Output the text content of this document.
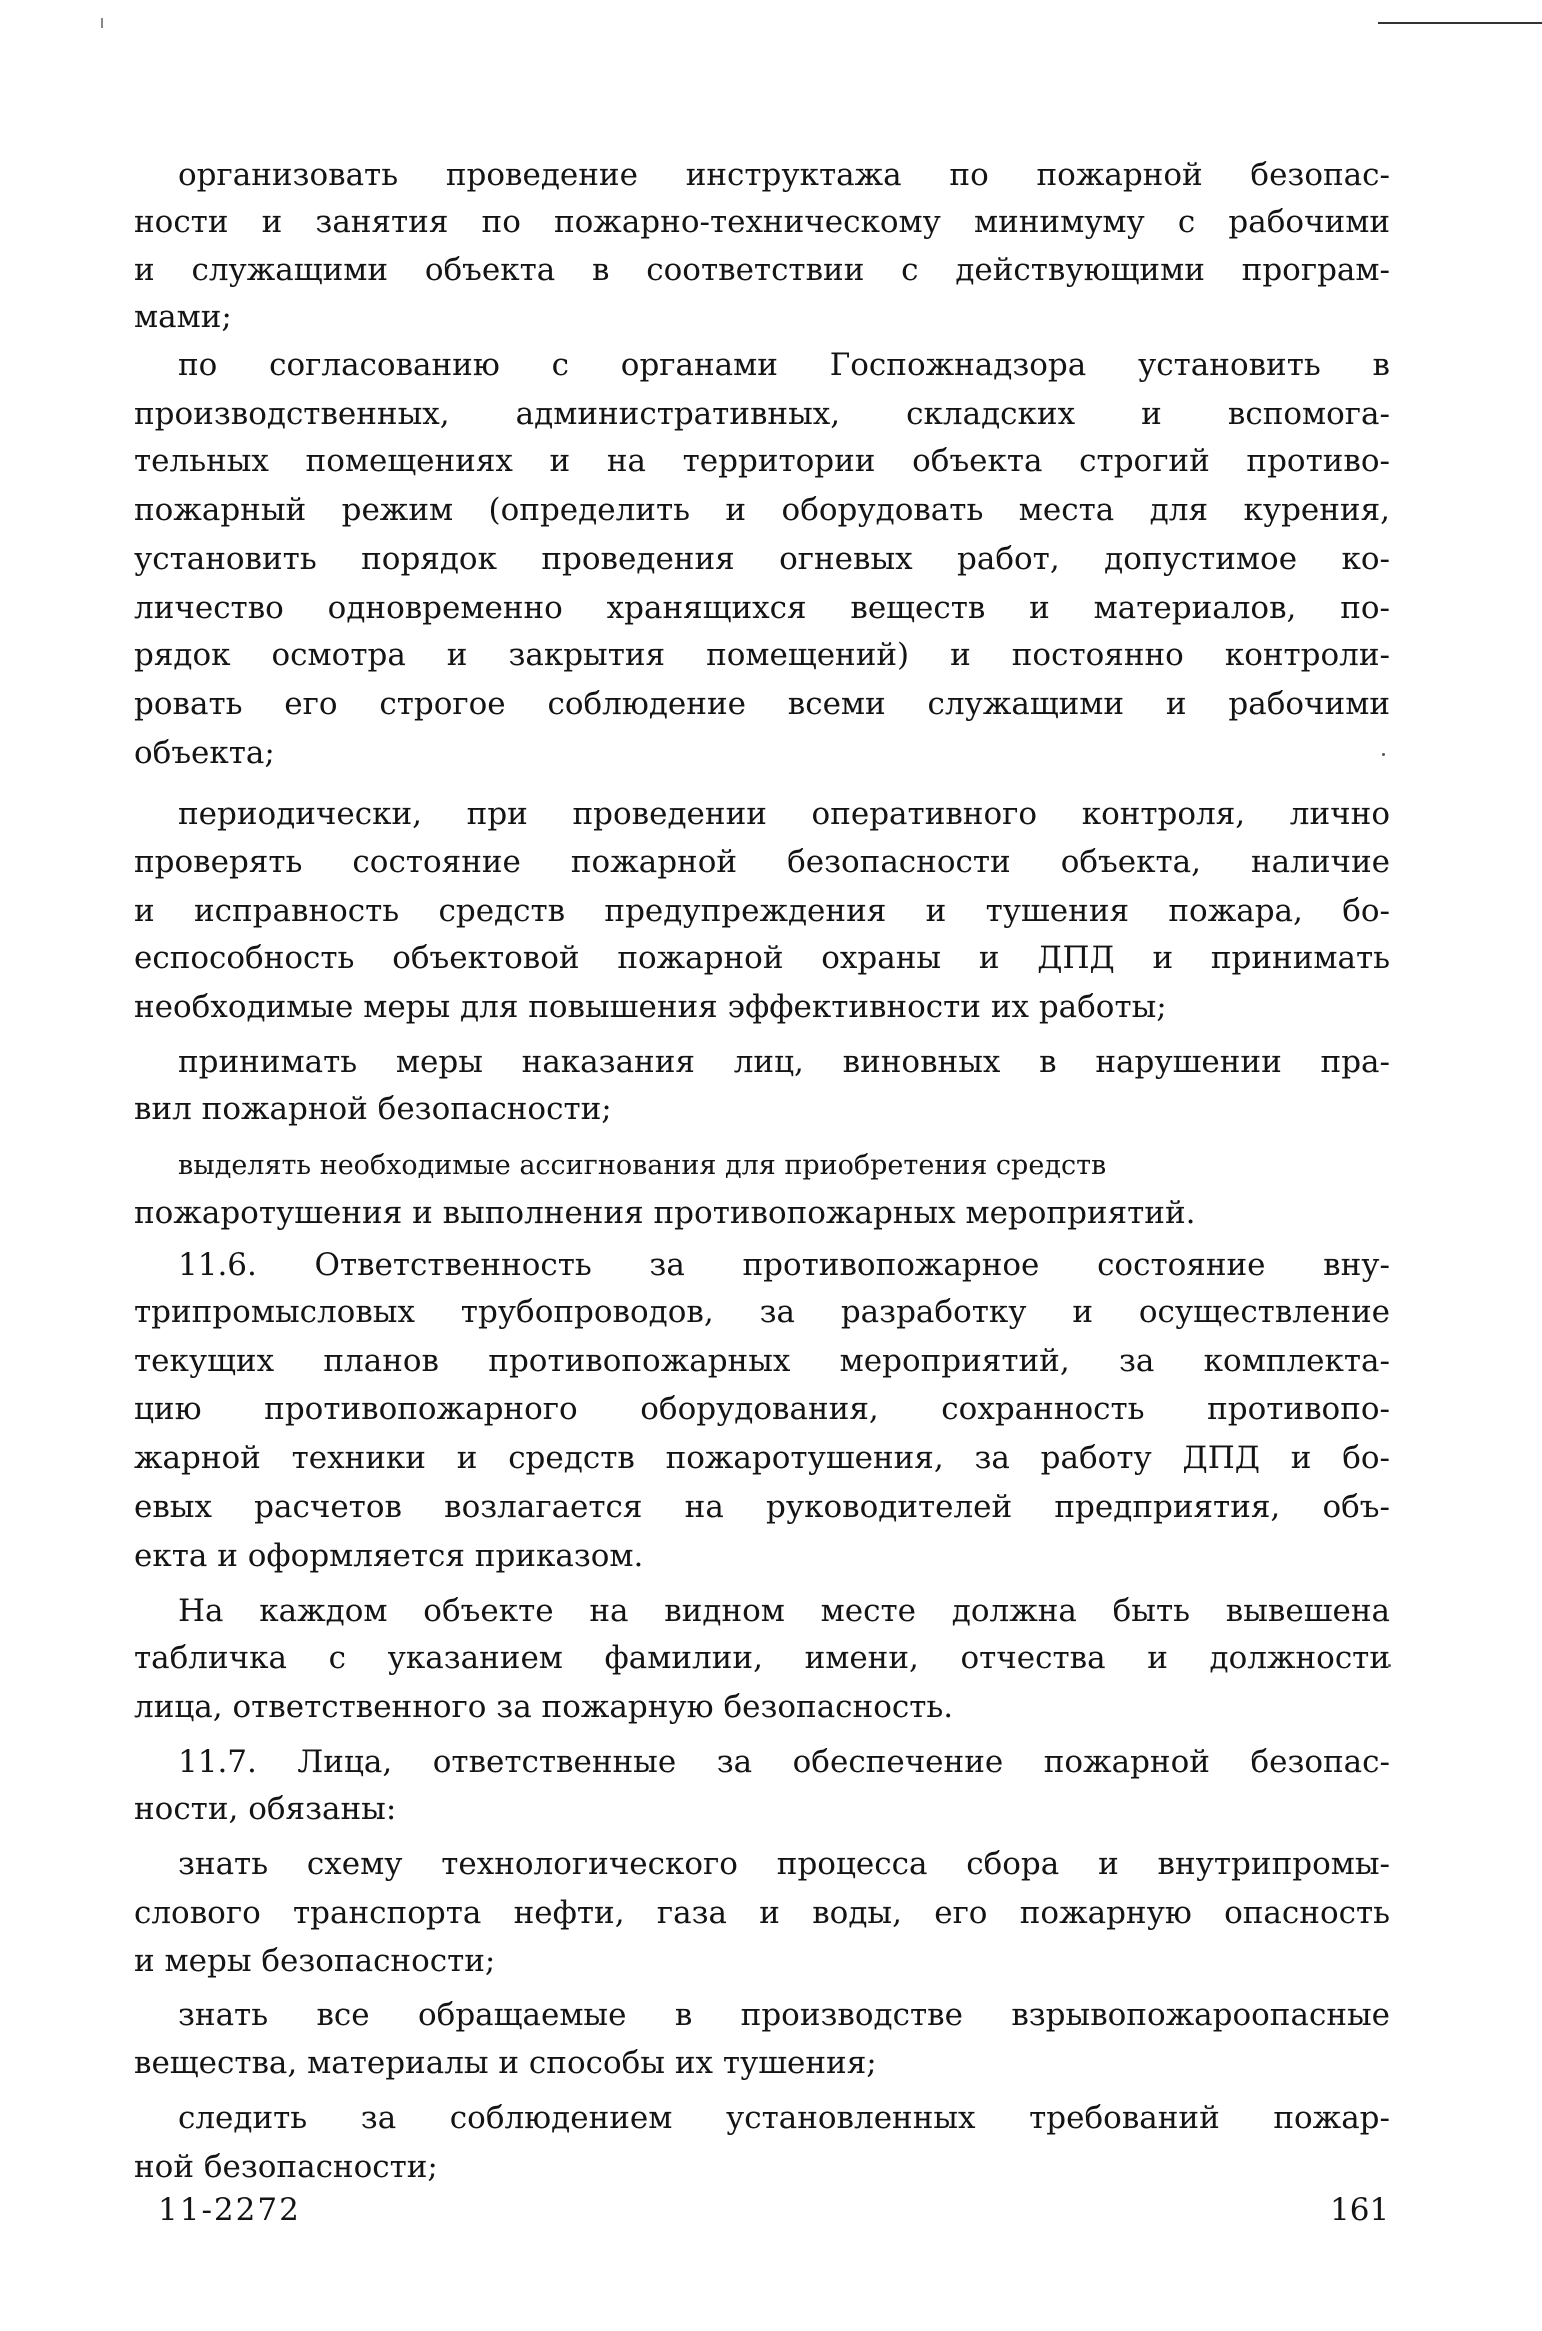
организовать проведение инструктажа по пожарной безопас-
ности и занятия по пожарно-техническому минимуму с рабочими
и служащими объекта в соответствии с действующими програм-
мами;
по согласованию с органами Госпожнадзора установить в
производственных, административных, складских и вспомога-
тельных помещениях и на территории объекта строгий противо-
пожарный режим (определить и оборудовать места для курения,
установить порядок проведения огневых работ, допустимое ко-
личество одновременно хранящихся веществ и материалов, по-
рядок осмотра и закрытия помещений) и постоянно контроли-
ровать его строгое соблюдение всеми служащими и рабочими
объекта;
периодически, при проведении оперативного контроля, лично
проверять состояние пожарной безопасности объекта, наличие
и исправность средств предупреждения и тушения пожара, бо-
еспособность объектовой пожарной охраны и ДПД и принимать
необходимые меры для повышения эффективности их работы;
принимать меры наказания лиц, виновных в нарушении пра-
вил пожарной безопасности;
выделять необходимые ассигнования для приобретения средств
пожаротушения и выполнения противопожарных мероприятий.
11.6. Ответственность за противопожарное состояние вну-
трипромысловых трубопроводов, за разработку и осуществление
текущих планов противопожарных мероприятий, за комплекта-
цию противопожарного оборудования, сохранность противопо-
жарной техники и средств пожаротушения, за работу ДПД и бо-
евых расчетов возлагается на руководителей предприятия, объ-
екта и оформляется приказом.
На каждом объекте на видном месте должна быть вывешена
табличка с указанием фамилии, имени, отчества и должности
лица, ответственного за пожарную безопасность.
11.7. Лица, ответственные за обеспечение пожарной безопас-
ности, обязаны:
знать схему технологического процесса сбора и внутрипромы-
слового транспорта нефти, газа и воды, его пожарную опасность
и меры безопасности;
знать все обращаемые в производстве взрывопожароопасные
вещества, материалы и способы их тушения;
следить за соблюдением установленных требований пожар-
ной безопасности;
11-2272	161
